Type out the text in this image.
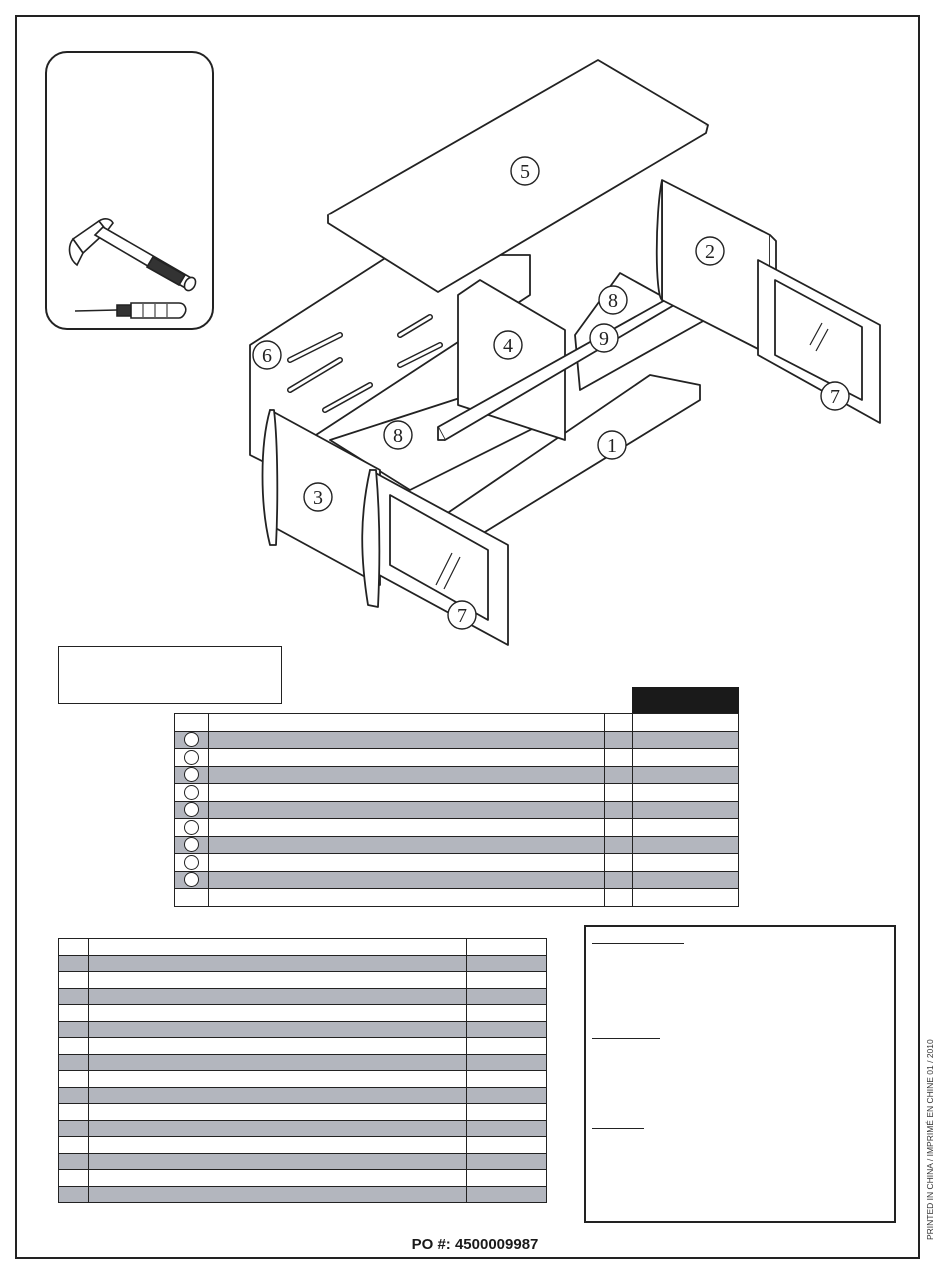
5
2
6	4
8
9
8	1
3
7
7

PO #: 4500009987
PRINTED IN CHINA / IMPRIMÉ EN CHINE 01 / 2010
